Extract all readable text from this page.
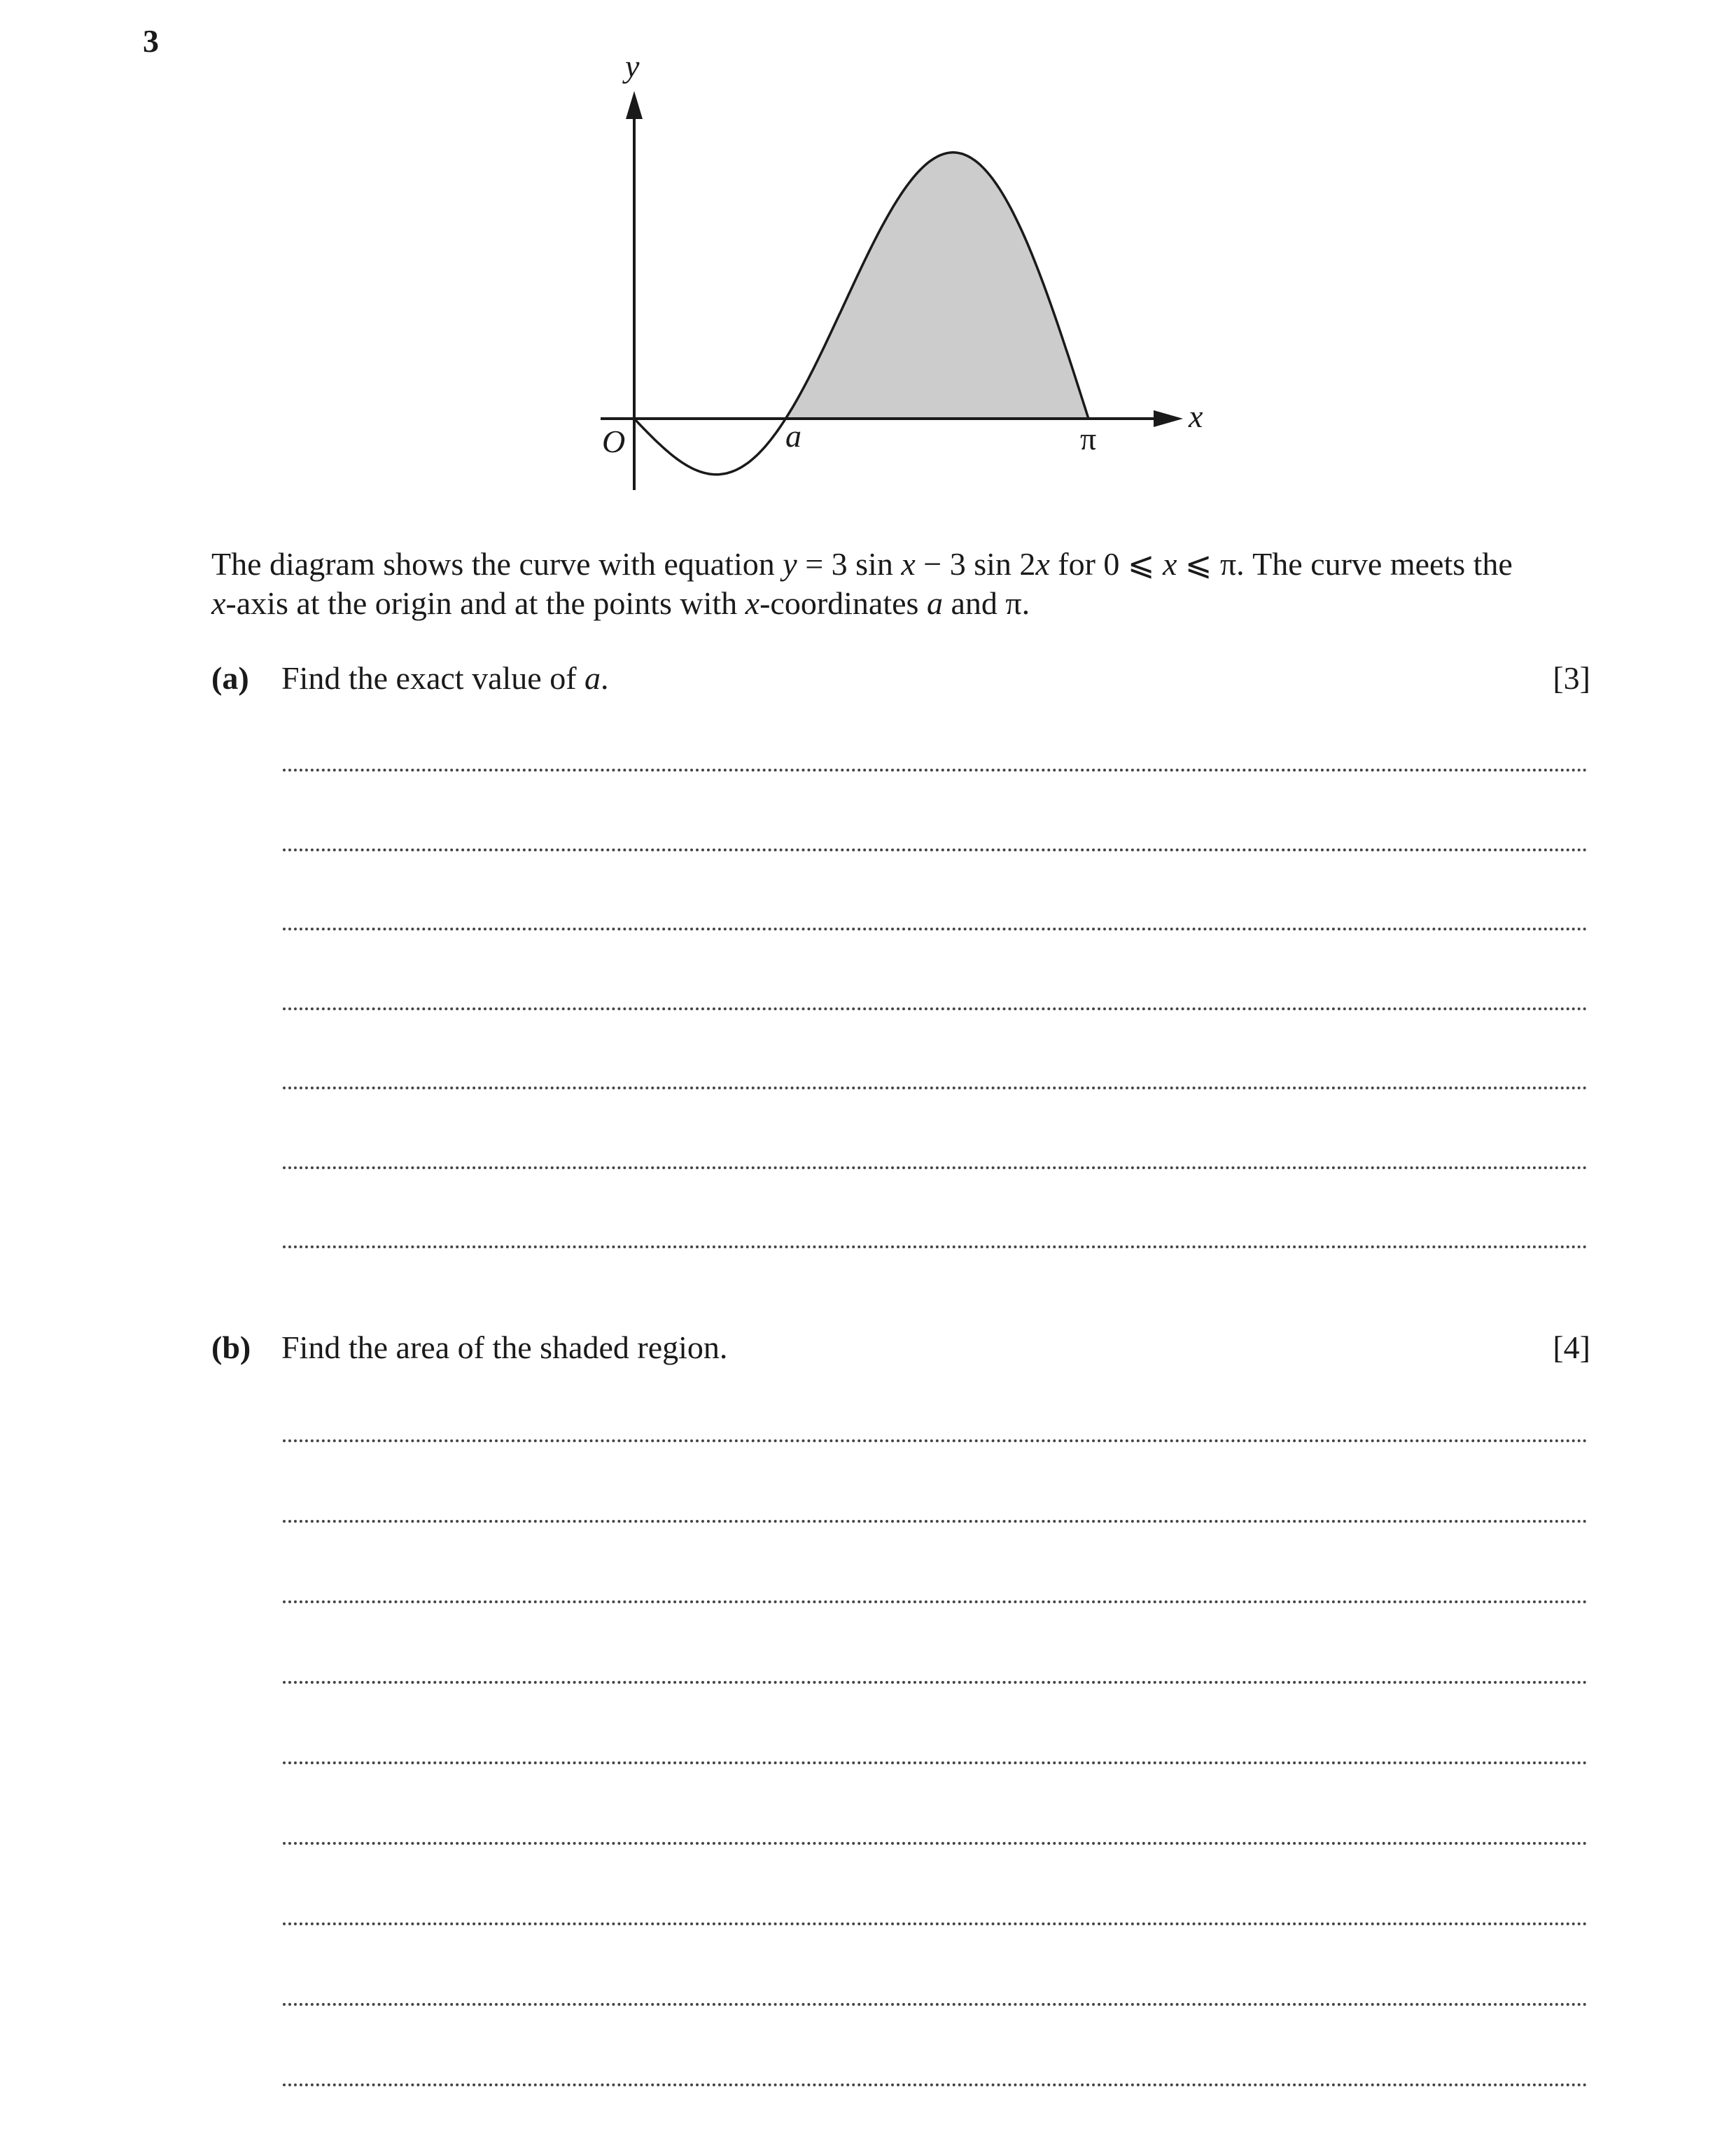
3
y
x
O	a	π
The diagram shows the curve with equation y = 3 sin x − 3 sin 2x for 0 ⩽ x ⩽ π. The curve meets the
x-axis at the origin and at the points with x-coordinates a and π.
(a) Find the exact value of a.	[3]
(b) Find the area of the shaded region.	[4]
